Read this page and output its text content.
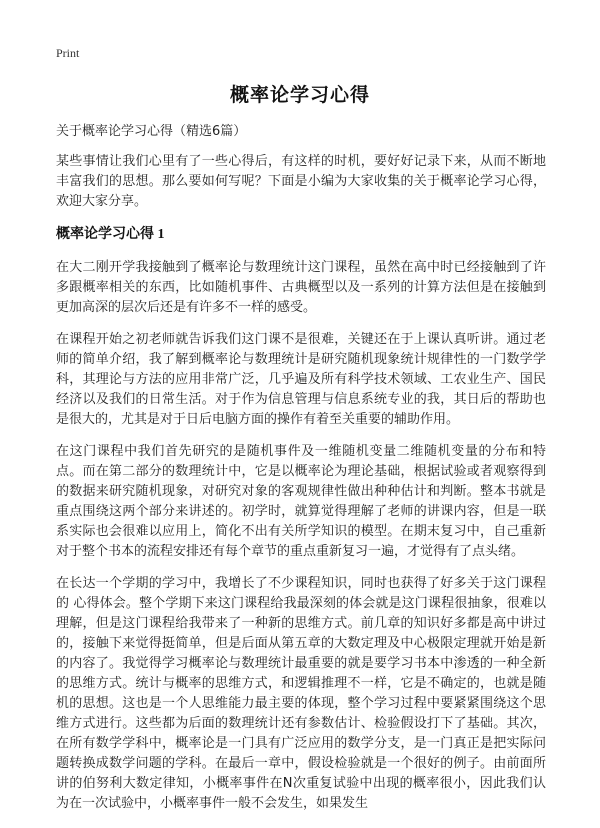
Print
概率论学习心得

关于概率论学习心得（精选6篇）

某些事情让我们心里有了一些心得后，有这样的时机，要好好记录下来，从而不断地丰富我们的思想。那么要如何写呢？下面是小编为大家收集的关于概率论学习心得，欢迎大家分享。

概率论学习心得 1

在大二刚开学我接触到了概率论与数理统计这门课程，虽然在高中时已经接触到了许多跟概率相关的东西，比如随机事件、古典概型以及一系列的计算方法但是在接触到更加高深的层次后还是有许多不一样的感受。

在课程开始之初老师就告诉我们这门课不是很难，关键还在于上课认真听讲。通过老师的简单介绍，我了解到概率论与数理统计是研究随机现象统计规律性的一门数学学科，其理论与方法的应用非常广泛，几乎遍及所有科学技术领域、工农业生产、国民经济以及我们的日常生活。对于作为信息管理与信息系统专业的我，其日后的帮助也是很大的，尤其是对于日后电脑方面的操作有着至关重要的辅助作用。

在这门课程中我们首先研究的是随机事件及一维随机变量二维随机变量的分布和特点。而在第二部分的数理统计中，它是以概率论为理论基础，根据试验或者观察得到的数据来研究随机现象，对研究对象的客观规律性做出种种估计和判断。整本书就是重点围绕这两个部分来讲述的。初学时，就算觉得理解了老师的讲课内容，但是一联系实际也会很难以应用上，简化不出有关所学知识的模型。在期末复习中，自己重新对于整个书本的流程安排还有每个章节的重点重新复习一遍，才觉得有了点头绪。

在长达一个学期的学习中，我增长了不少课程知识，同时也获得了好多关于这门课程的 心得体会。整个学期下来这门课程给我最深刻的体会就是这门课程很抽象，很难以理解，但是这门课程给我带来了一种新的思维方式。前几章的知识好多都是高中讲过的，接触下来觉得挺简单，但是后面从第五章的大数定理及中心极限定理就开始是新的内容了。我觉得学习概率论与数理统计最重要的就是要学习书本中渗透的一种全新的思维方式。统计与概率的思维方式，和逻辑推理不一样，它是不确定的，也就是随机的思想。这也是一个人思维能力最主要的体现，整个学习过程中要紧紧围绕这个思维方式进行。这些都为后面的数理统计还有参数估计、检验假设打下了基础。其次，在所有数学学科中，概率论是一门具有广泛应用的数学分支，是一门真正是把实际问题转换成数学问题的学科。在最后一章中，假设检验就是一个很好的例子。由前面所讲的伯努利大数定律知，小概率事件在N次重复试验中出现的概率很小，因此我们认为在一次试验中，小概率事件一般不会发生，如果发生
